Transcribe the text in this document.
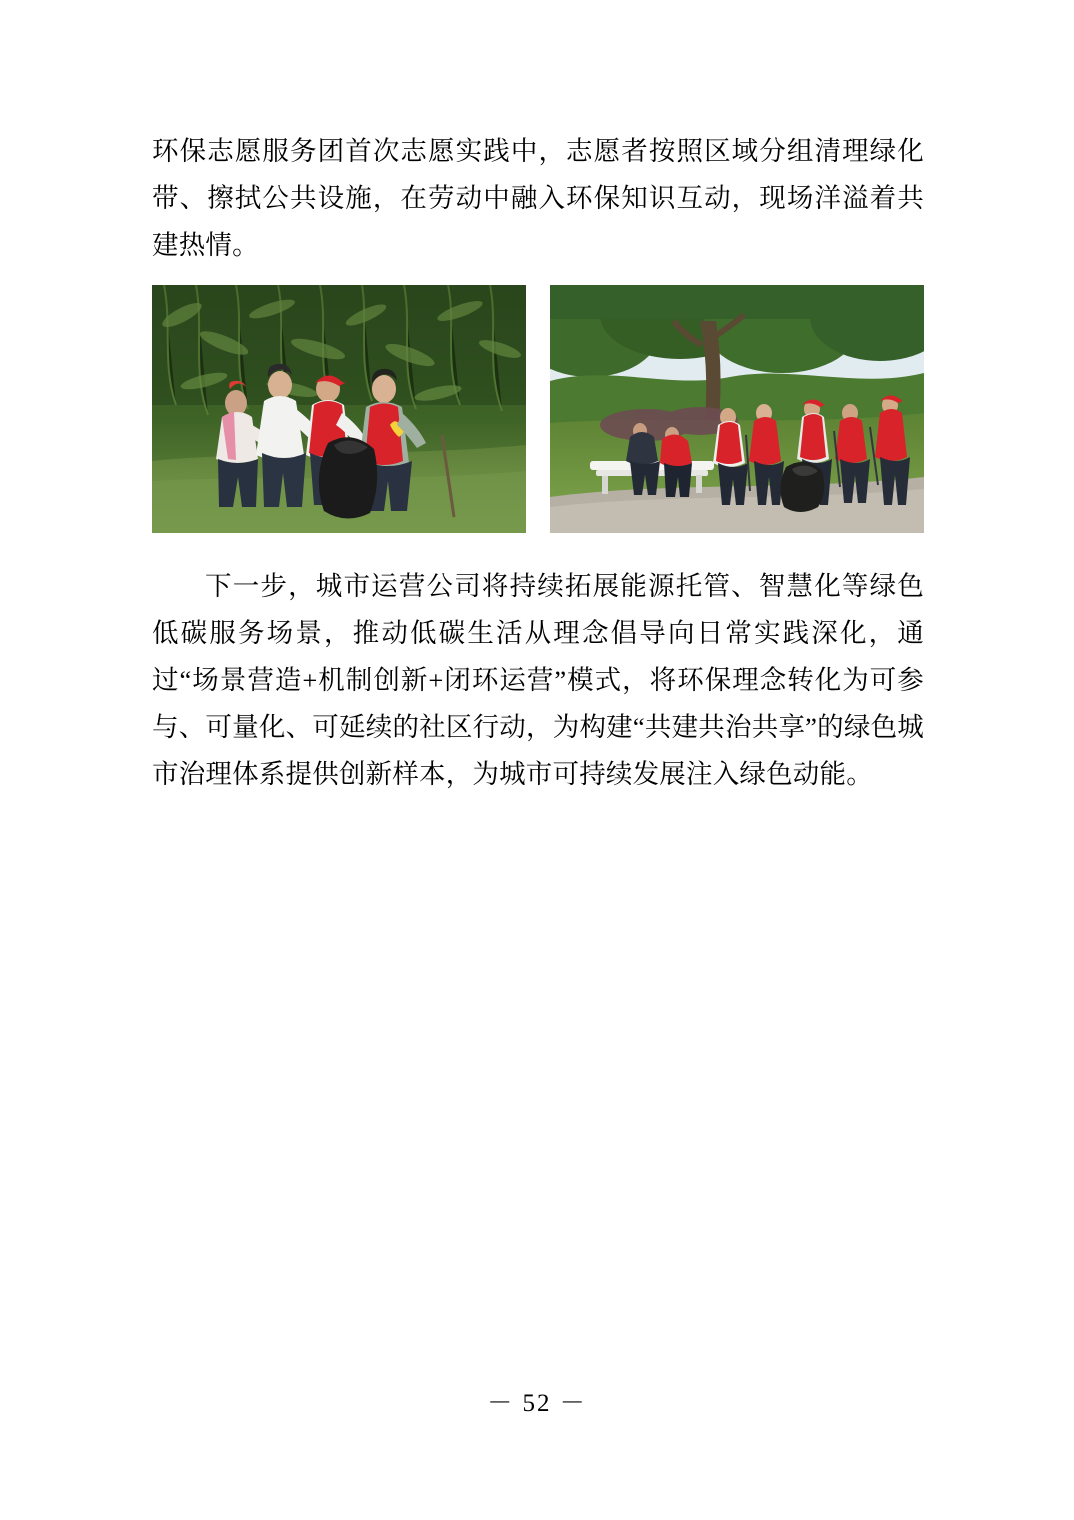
环保志愿服务团首次志愿实践中，志愿者按照区域分组清理绿化带、擦拭公共设施，在劳动中融入环保知识互动，现场洋溢着共建热情。

下一步，城市运营公司将持续拓展能源托管、智慧化等绿色低碳服务场景，推动低碳生活从理念倡导向日常实践深化，通过“场景营造+机制创新+闭环运营”模式，将环保理念转化为可参与、可量化、可延续的社区行动，为构建“共建共治共享”的绿色城市治理体系提供创新样本，为城市可持续发展注入绿色动能。

－ 52 －
